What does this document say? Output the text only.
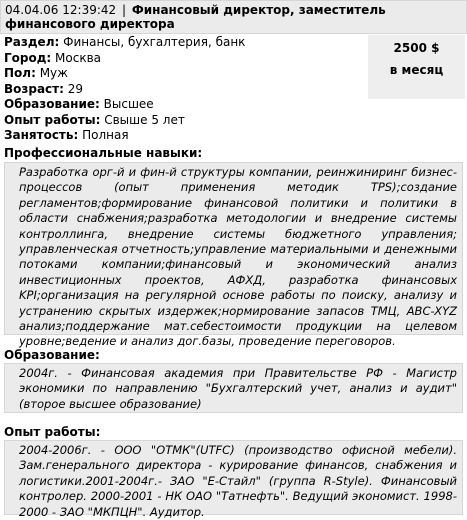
04.04.06 12:39:42 | Финансовый директор, заместитель финансового директора
Раздел: Финансы, бухгалтерия, банк
Город: Москва
Пол: Муж
Возраст: 29
Образование: Высшее
Опыт работы: Свыше 5 лет
Занятость: Полная
2500 $
в месяц
Профессиональные навыки:
Разработка орг-й и фин-й структуры компании, реинжиниринг бизнес-процессов (опыт применения методик TPS);создание регламентов;формирование финансовой политики и политики в области снабжения;разработка методологии и внедрение системы контроллинга, внедрение системы бюджетного управления; управленческая отчетность;управление материальными и денежными потоками компании;финансовый и экономический анализ инвестиционных проектов, АФХД, разработка финансовых KPI;организация на регулярной основе работы по поиску, анализу и устранению скрытых издержек;нормирование запасов ТМЦ, ABC-XYZ анализ;поддержание мат.себестоимости продукции на целевом уровне;ведение и анализ дог.базы, проведение переговоров.
Образование:
2004г. - Финансовая академия при Правительстве РФ - Магистр экономики по направлению "Бухгалтерский учет, анализ и аудит"(второе высшее образование)
Опыт работы:
2004-2006г. - ООО "ОТМК"(UTFC) (производство офисной мебели). Зам.генерального директора - курирование финансов, снабжения и логистики.2001-2004г.- ЗАО "Е-Стайл" (группа R-Style). Финансовый контролер. 2000-2001 - НК ОАО "Татнефть". Ведущий экономист. 1998-2000 - ЗАО "МКПЦН". Аудитор.
